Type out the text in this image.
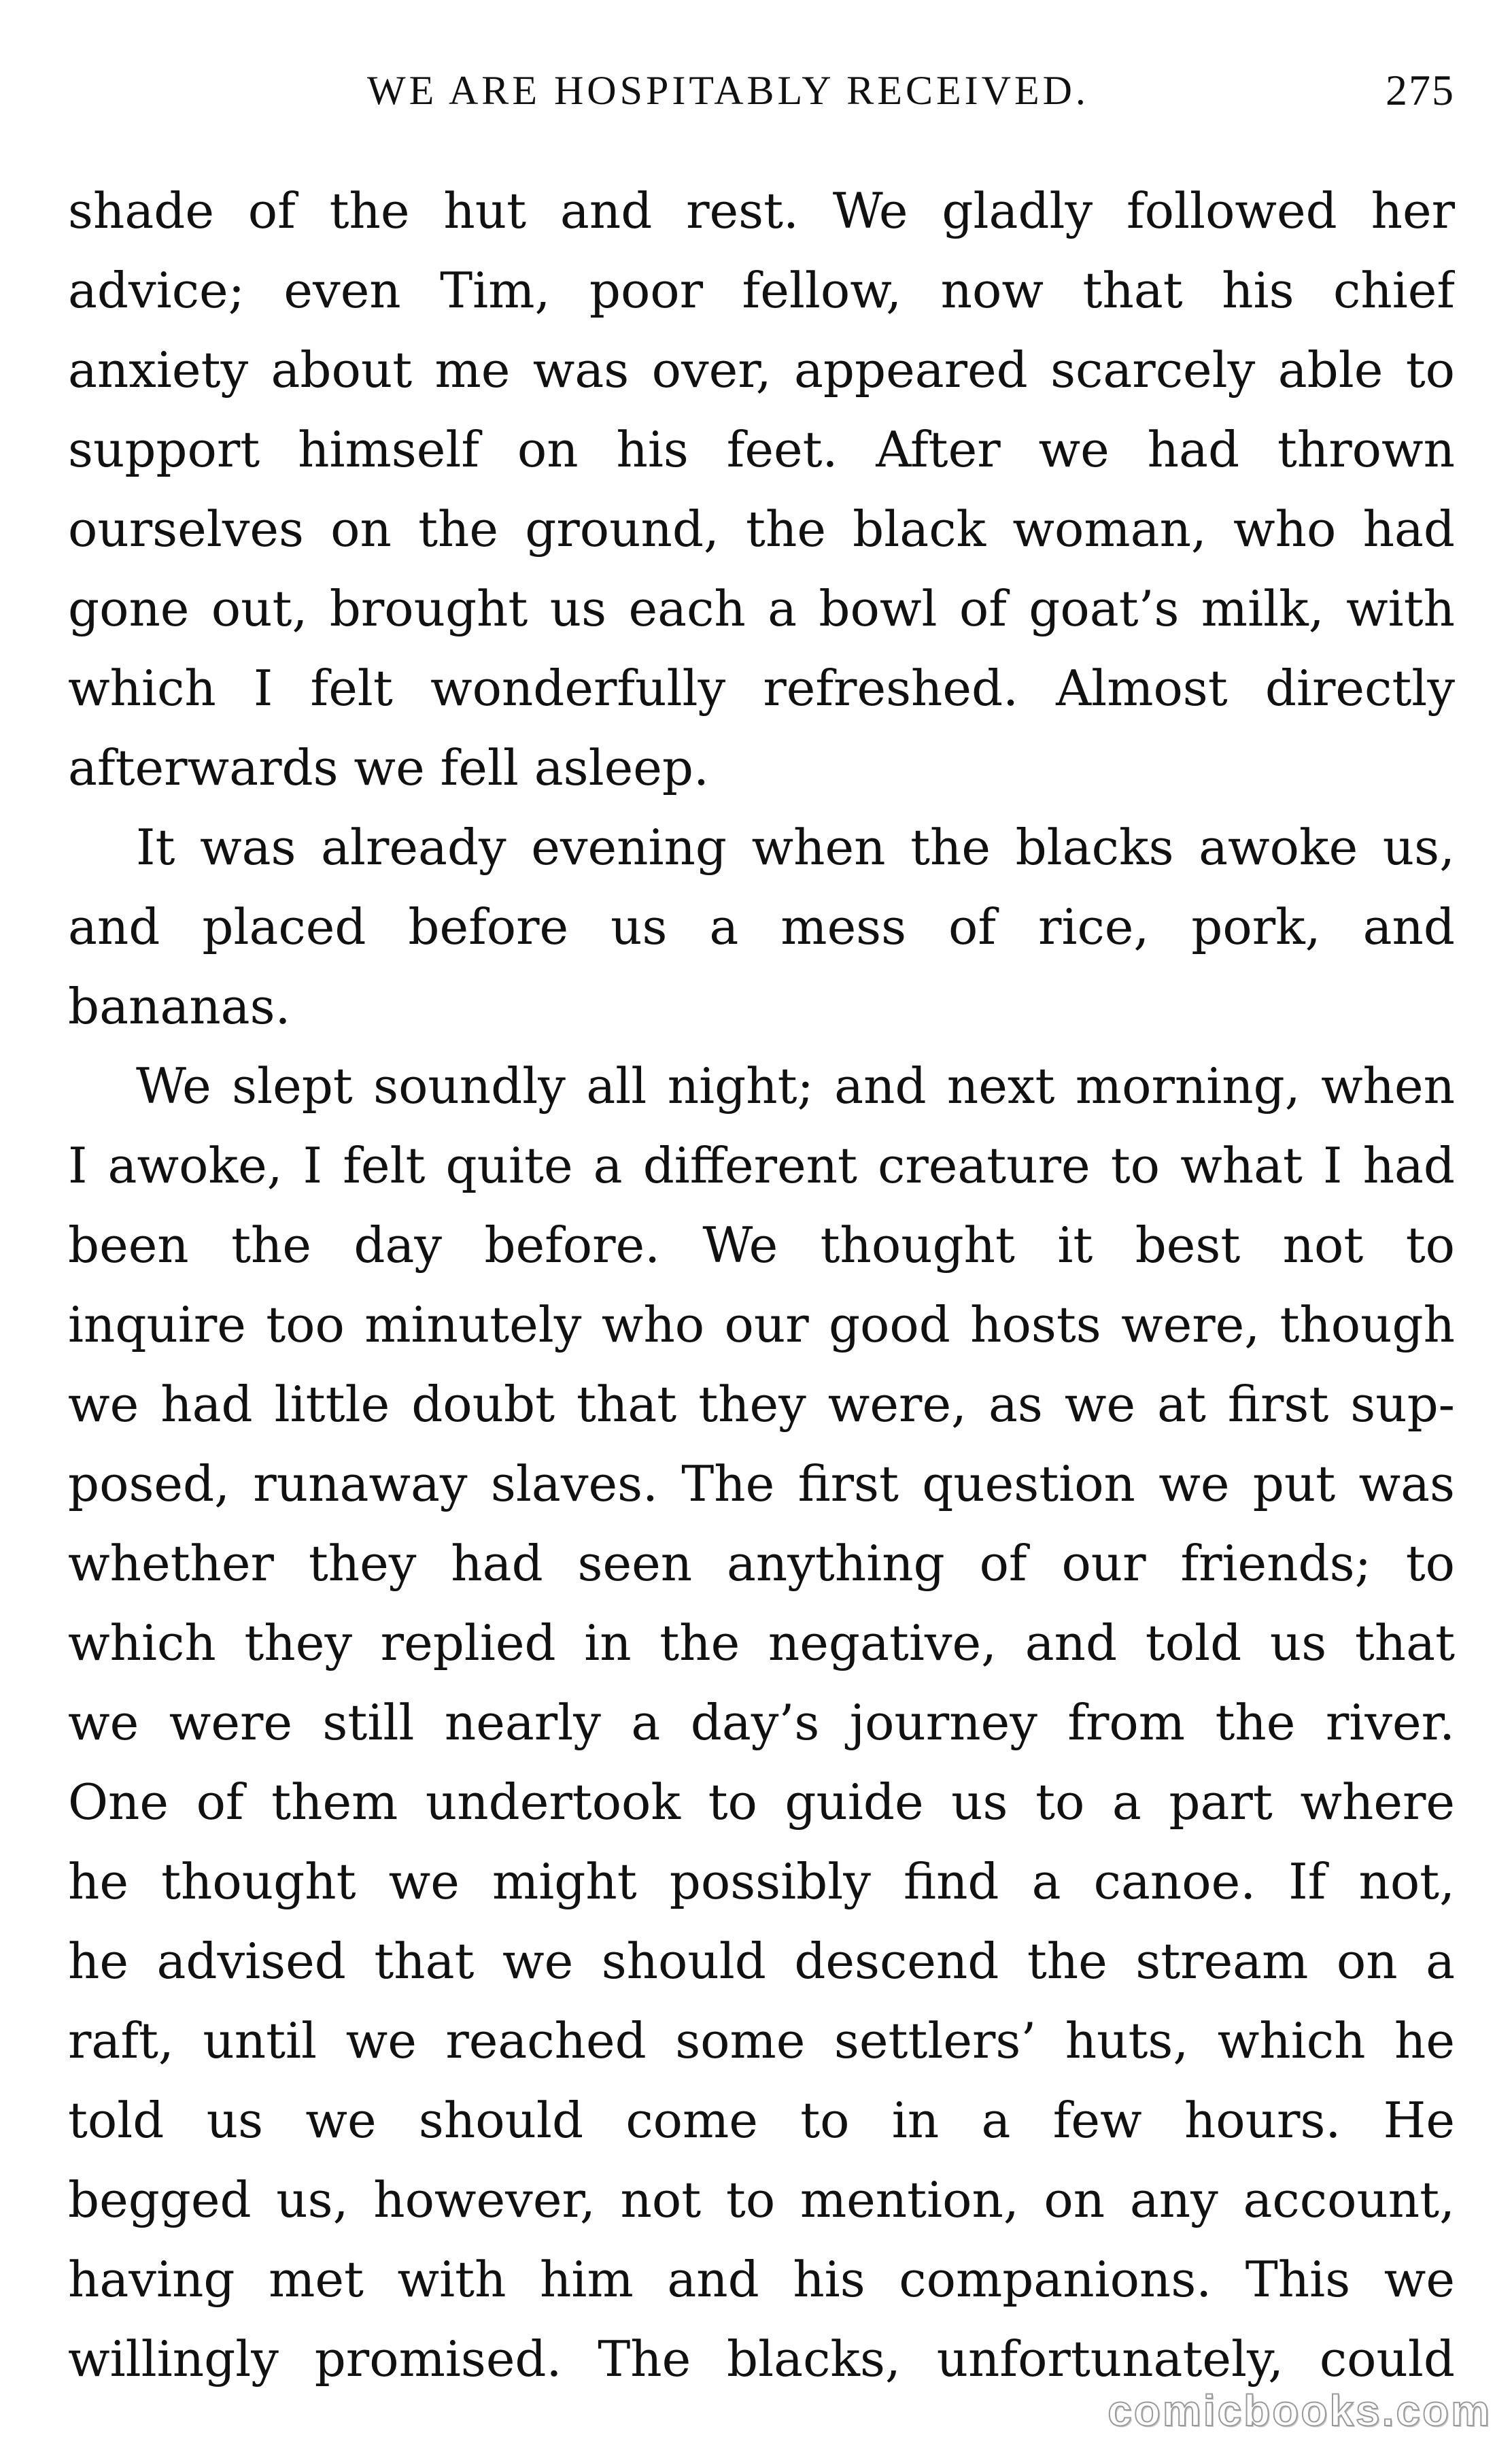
WE ARE HOSPITABLY RECEIVED.	275
shade of the hut and rest. We gladly followed her
advice; even Tim, poor fellow, now that his chief
anxiety about me was over, appeared scarcely able to
support himself on his feet. After we had thrown
ourselves on the ground, the black woman, who had
gone out, brought us each a bowl of goat’s milk, with
which I felt wonderfully refreshed. Almost directly
afterwards we fell asleep.
It was already evening when the blacks awoke us,
and placed before us a mess of rice, pork, and
bananas.
We slept soundly all night; and next morning, when
I awoke, I felt quite a different creature to what I had
been the day before. We thought it best not to
inquire too minutely who our good hosts were, though
we had little doubt that they were, as we at first sup-
posed, runaway slaves. The first question we put was
whether they had seen anything of our friends; to
which they replied in the negative, and told us that
we were still nearly a day’s journey from the river.
One of them undertook to guide us to a part where
he thought we might possibly find a canoe. If not,
he advised that we should descend the stream on a
raft, until we reached some settlers’ huts, which he
told us we should come to in a few hours. He
begged us, however, not to mention, on any account,
having met with him and his companions. This we
willingly promised. The blacks, unfortunately, could
comicbooks.com
